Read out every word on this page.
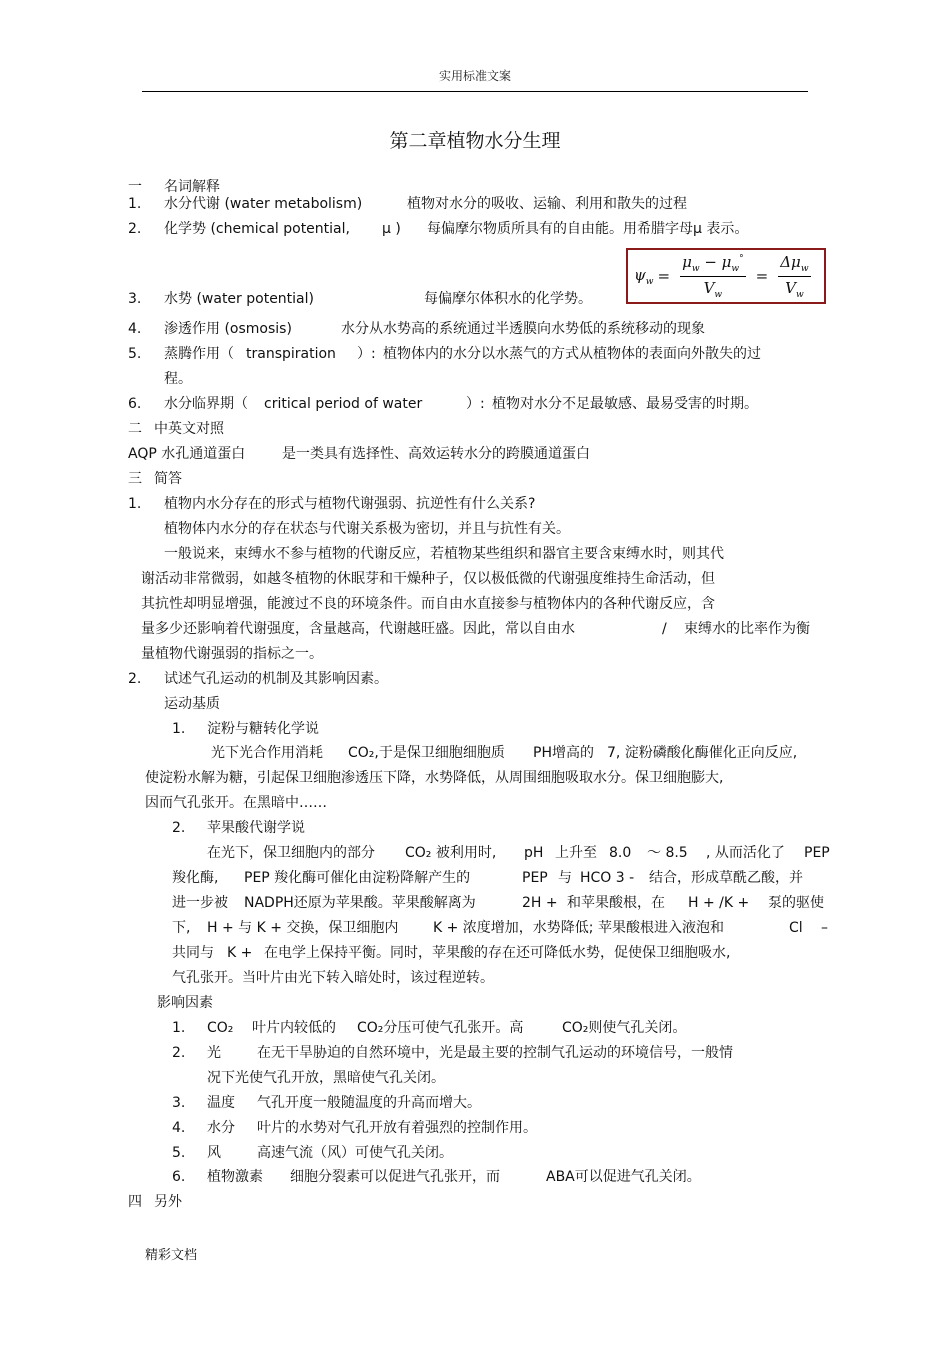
实用标准文案
第二章植物水分生理
一 名词解释
1. 水分代谢 (water metabolism)	植物对水分的吸收、运输、利用和散失的过程
2. 化学势 (chemical potential, μ ) 每偏摩尔物质所具有的自由能。用希腊字母μ 表示。
3. 水势 (water potential)	每偏摩尔体积水的化学势。
4. 渗透作用 (osmosis)	水分从水势高的系统通过半透膜向水势低的系统移动的现象
5. 蒸腾作用（ transpiration ）: 植物体内的水分以水蒸气的方式从植物体的表面向外散失的过
程。
6. 水分临界期（ critical period of water	）: 植物对水分不足最敏感、最易受害的时期。
二 中英文对照
AQP 水孔通道蛋白	是一类具有选择性、高效运转水分的跨膜通道蛋白
三 简答
1. 植物内水分存在的形式与植物代谢强弱、抗逆性有什么关系?
植物体内水分的存在状态与代谢关系极为密切，并且与抗性有关。
一般说来，束缚水不参与植物的代谢反应，若植物某些组织和器官主要含束缚水时，则其代
谢活动非常微弱，如越冬植物的休眠芽和干燥种子，仅以极低微的代谢强度维持生命活动，但
其抗性却明显增强，能渡过不良的环境条件。而自由水直接参与植物体内的各种代谢反应，含
量多少还影响着代谢强度，含量越高，代谢越旺盛。因此，常以自由水	/ 束缚水的比率作为衡
量植物代谢强弱的指标之一。
2. 试述气孔运动的机制及其影响因素。
运动基质
1. 淀粉与糖转化学说
光下光合作用消耗 CO₂,于是保卫细胞细胞质 PH增高的 7, 淀粉磷酸化酶催化正向反应,
使淀粉水解为糖，引起保卫细胞渗透压下降，水势降低，从周围细胞吸取水分。保卫细胞膨大,
因而气孔张开。在黑暗中……
2. 苹果酸代谢学说
在光下，保卫细胞内的部分 CO₂ 被利用时, pH 上升至 8.0 ～ 8.5 , 从而活化了 PEP
羧化酶, PEP 羧化酶可催化由淀粉降解产生的	PEP 与 HCO 3 - 结合，形成草酰乙酸，并
进一步被 NADPH还原为苹果酸。苹果酸解离为	2H + 和苹果酸根，在 H + /K + 泵的驱使
下, H + 与 K + 交换，保卫细胞内 K + 浓度增加，水势降低; 苹果酸根进入液泡和	Cl –
共同与 K + 在电学上保持平衡。同时，苹果酸的存在还可降低水势，促使保卫细胞吸水,
气孔张开。当叶片由光下转入暗处时，该过程逆转。
影响因素
1. CO₂ 叶片内较低的 CO₂分压可使气孔张开。高	CO₂则使气孔关闭。
2. 光	在无干旱胁迫的自然环境中，光是最主要的控制气孔运动的环境信号，一般情
况下光使气孔开放，黑暗使气孔关闭。
3. 温度 气孔开度一般随温度的升高而增大。
4. 水分 叶片的水势对气孔开放有着强烈的控制作用。
5. 风	高速气流（风）可使气孔关闭。
6. 植物激素 细胞分裂素可以促进气孔张开，而	ABA可以促进气孔关闭。
四 另外
$\psi_w = \frac{\mu_w - \mu_w^\circ}{V_w} = \frac{\Delta\mu_w}{V_w}$
精彩文档
